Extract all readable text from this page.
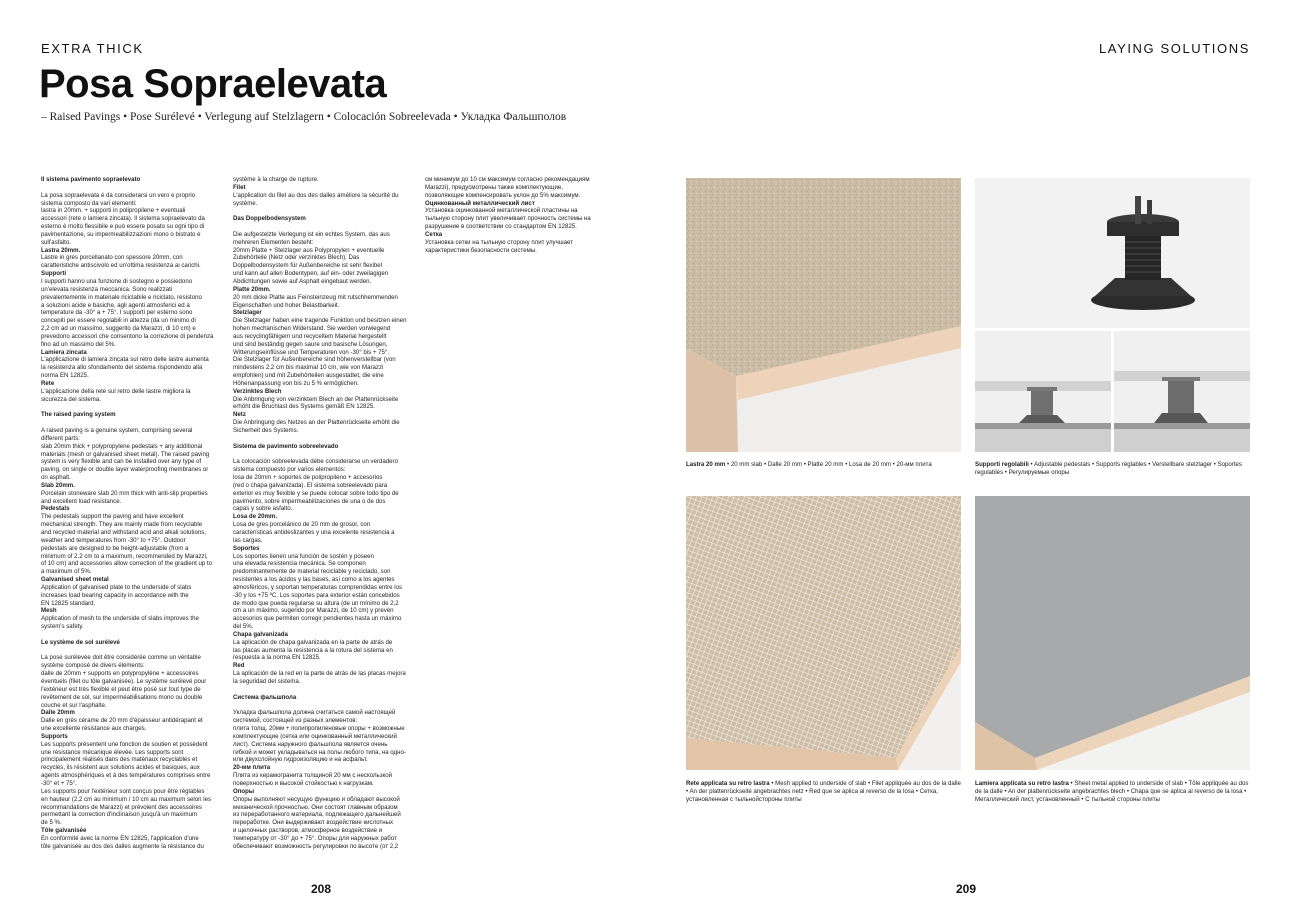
EXTRA THICK	LAYING SOLUTIONS
Posa Sopraelevata
– Raised Pavings • Pose Surélevé • Verlegung auf Stelzlagern • Colocación Sobreelevada • Укладка Фальшполов

Il sistema pavimento sopraelevato

La posa sopraelevata è da considerarsi un vero e proprio

sistema composto da vari elementi:

lastra in 20mm. + supporti in polipropilene + eventuali

accessori (rete o lamiera zincata). Il sistema sopraelevato da

esterno è molto flessibile e può essere posato su ogni tipo di

pavimentazione, su impermeabilizzazioni mono o bistrato e

sull'asfalto.

Lastra 20mm.

Lastre in gres porcellanato con spessore 20mm, con

caratteristiche antiscivolo ed un'ottima resistenza ai carichi.

Supporti

I supporti hanno una funzione di sostegno e possiedono

un'elevata resistenza meccanica. Sono realizzati

prevalentemente in materiale riciclabile e riciclato, resistono

a soluzioni acide e basiche, agli agenti atmosferici ed a

temperature da -30° a + 75°. I supporti per esterno sono

concepiti per essere regolabili in altezza (da un minimo di

2,2 cm ad un massimo, suggerito da Marazzi, di 10 cm) e

prevedono accessori che consentono la correzione di pendenza

fino ad un massimo del 5%.

Lamiera zincata

L'applicazione di lamiera zincata sul retro delle lastre aumenta

la resistenza allo sfondamento del sistema rispondendo alla

norma EN 12825.

Rete

L'applicazione della rete sul retro delle lastre migliora la

sicurezza del sistema.

The raised paving system

A raised paving is a genuine system, comprising several

different parts:

slab 20mm thick + polypropylene pedestals + any additional

materials (mesh or galvanised sheet metal). The raised paving

system is very flexible and can be installed over any type of

paving, on single or double layer waterproofing membranes or

on asphalt.

Slab 20mm.

Porcelain stoneware slab 20 mm thick with anti-slip properties

and excellent load resistance.

Pedestals

The pedestals support the paving and have excellent

mechanical strength. They are mainly made from recyclable

and recycled material and withstand acid and alkali solutions,

weather and temperatures from -30° to +75°. Outdoor

pedestals are designed to be height-adjustable (from a

minimum of 2.2 cm to a maximum, recommended by Marazzi,

of 10 cm) and accessories allow correction of the gradient up to

a maximum of 5%.

Galvanised sheet metal

Application of galvanised plate to the underside of slabs

increases load bearing capacity in accordance with the

EN 12825 standard.

Mesh

Application of mesh to the underside of slabs improves the

system's safety.

Le système de sol surélevé

La pose surélevée doit être considérée comme un véritable

système composé de divers éléments:

dalle de 20mm + supports en polypropylène + accessoires

éventuels (filet ou tôle galvanisée). Le système surélevé pour

l'extérieur est très flexible et peut être posé sur tout type de

revêtement de sol, sur imperméabilisations mono ou double

couche et sur l'asphalte.

Dalle 20mm

Dalle en grès cérame de 20 mm d'épaisseur antidérapant et

une excellente résistance aux charges.

Supports

Les supports présentent une fonction de soutien et possèdent

une résistance mécanique élevée. Les supports sont

principalement réalisés dans des matériaux recyclables et

recyclés, ils résistent aux solutions acides et basiques, aux

agents atmosphériques et à des températures comprises entre

-30° et + 75°.

Les supports pour l'extérieur sont conçus pour être réglables

en hauteur (2,2 cm au minimum / 10 cm au maximum selon les

recommandations de Marazzi) et prévoient des accessoires

permettant la correction d'inclinaison jusqu'à un maximum

de 5 %.

Tôle galvanisée

En conformité avec la norme EN 12825, l'application d'une

tôle galvanisée au dos des dalles augmente la résistance du

système à la charge de rupture.

Filet

L'application du filet au dos des dalles améliore la sécurité du

système.

Das Doppelbodensystem

Die aufgestelzte Verlegung ist ein echtes System, das aus

mehreren Elementen besteht:

20mm Platte + Stelzlager aus Polypropylen + eventuelle

Zubehörteile (Netz oder verzinktes Blech). Das

Doppelbodensystem für Außenbereiche ist sehr flexibel

und kann auf allen Bodentypen, auf ein- oder zweilagigen

Abdichtungen sowie auf Asphalt eingebaut werden.

Platte 20mm.

20 mm dicke Platte aus Feinsteinzeug mit rutschhemmenden

Eigenschaften und hoher Belastbarkeit.

Stelzlager

Die Stelzlager haben eine tragende Funktion und besitzen einen

hohen mechanischen Widerstand. Sie werden vorwiegend

aus recyclingfähigem und recyceltem Material hergestellt

und sind beständig gegen saure und basische Lösungen,

Witterungseinflüsse und Temperaturen von -30° bis + 75°.

Die Stelzlager für Außenbereiche sind höhenverstellbar (von

mindestens 2,2 cm bis maximal 10 cm, wie von Marazzi

empfohlen) und mit Zubehörteilen ausgestattet, die eine

Höhenanpassung von bis zu 5 % ermöglichen.

Verzinktes Blech

Die Anbringung von verzinktem Blech an der Plattenrückseite

erhöht die Bruchlast des Systems gemäß EN 12825.

Netz

Die Anbringung des Netzes an der Plattenrückseite erhöht die

Sicherheit des Systems.

Sistema de pavimento sobreelevado

La colocación sobreelevada debe considerarse un verdadero

sistema compuesto por varios elementos:

losa de 20mm + soportes de polipropileno + accesorios

(red o chapa galvanizada). El sistema sobreelevado para

exterior es muy flexible y se puede colocar sobre todo tipo de

pavimento, sobre impermeabilizaciones de una o de dos

capas y sobre asfalto.

Losa de 20mm.

Losa de gres porcelánico de 20 mm de grosor, con

características antideslizantes y una excelente resistencia a

las cargas.

Soportes

Los soportes tienen una función de sostén y poseen

una elevada resistencia mecánica. Se componen

predominantemente de material reciclable y reciclado, son

resistentes a los ácidos y las bases, así como a los agentes

atmosféricos, y soportan temperaturas comprendidas entre los

-30 y los +75 ºC. Los soportes para exterior están concebidos

de modo que pueda regularse su altura (de un mínimo de 2,2

cm a un máximo, sugerido por Marazzi, de 10 cm) y prevén

accesorios que permiten corregir pendientes hasta un máximo

del 5%.

Chapa galvanizada

La aplicación de chapa galvanizada en la parte de atrás de

las placas aumenta la resistencia a la rotura del sistema en

respuesta a la norma EN 12825.

Red

La aplicación de la red en la parte de atrás de las placas mejora

la seguridad del sistema.

Система фальшпола

Укладка фальшпола должна считаться самой настоящей

системой, состоящей из разных элементов:

плита толщ. 20мм + полипропиленовые опоры + возможные

комплектующие (сетка или оцинкованный металлический

лист). Система наружного фальшпола является очень

гибкой и может укладываться на полы любого типа, на одно-

или двухслойную гидроизоляцию и на асфальт.

20-мм плита

Плита из керамогранита толщиной 20 мм с нескользкой

поверхностью и высокой стойкостью к нагрузкам.

Опоры

Опоры выполняют несущую функцию и обладают высокой

механической прочностью. Они состоят главным образом

из переработанного материала, подлежащего дальнейшей

переработке. Они выдерживают воздействие кислотных

и щелочных растворов, атмосферное воздействие и

температуру от -30° до + 75°. Опоры для наружных работ

обеспечивают возможность регулировки по высоте (от 2,2

см минимум до 10 см максимум согласно рекомендациям

Marazzi), предусмотрены также комплектующие,

позволяющие компенсировать уклон до 5% максимум.

Оцинкованный металлический лист

Установка оцинкованной металлической пластины на

тыльную сторону плит увеличивает прочность системы на

разрушение в соответствии со стандартом EN 12825.

Сетка

Установка сетки на тыльную сторону плит улучшает

характеристики безопасности системы.

Lastra 20 mm • 20 mm slab • Dalle 20 mm • Platte 20 mm • Losa de 20 mm • 20-мм плита	Supporti regolabili • Adjustable pedestals • Supports réglables • Verstellbare stelzlager • Soportes regulables • Регулируемые опоры
Rete applicata su retro lastra • Mesh applied to underside of slab • Filet appliquée au dos de la dalle • An der plattenrückseite angebrachtes netz • Red que se aplica al reverso de la losa • Сетка, установленная с тыльнойстороны плиты
Lamiera applicata su retro lastra • Sheet metal applied to underside of slab • Tôle appliquée au dos de la dalle • An der plattenrückseite angebrachtes blech • Chapa que se aplica al reverso de la losa • Металлический лист, установленный • С тыльной стороны плиты
208	209
